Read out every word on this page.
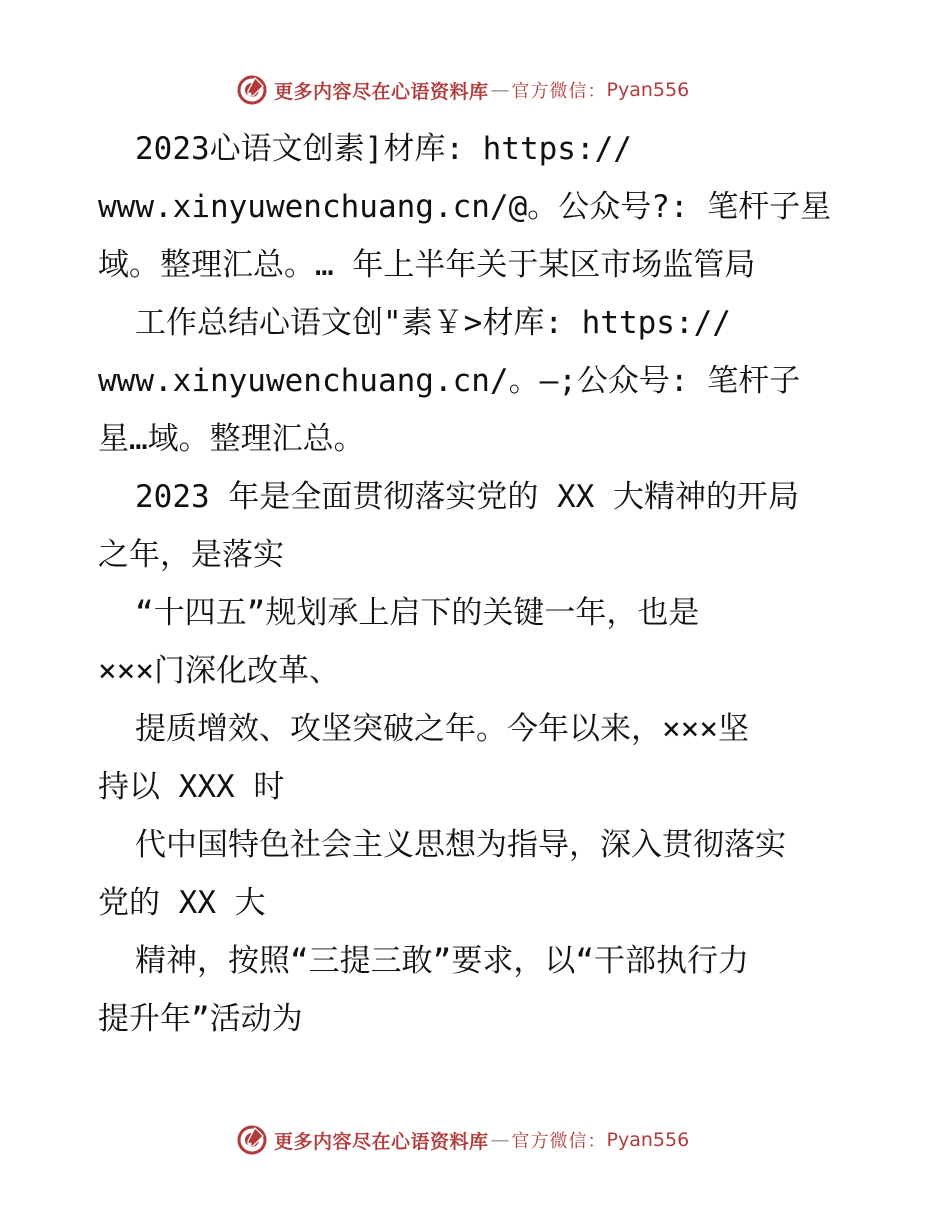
更多内容尽在心语资料库 — 官方微信： Pyan556
2023心语文创素]材库: https://
www.xinyuwenchuang.cn/@。公众号?: 笔杆子星
域。整理汇总。… 年上半年关于某区市场监管局
工作总结心语文创"素￥>材库: https://
www.xinyuwenchuang.cn/。—;公众号: 笔杆子
星…域。整理汇总。
2023 年是全面贯彻落实党的 XX 大精神的开局
之年，是落实
“十四五”规划承上启下的关键一年，也是
×××门深化改革、
提质增效、攻坚突破之年。今年以来，×××坚
持以 XXX 时
代中国特色社会主义思想为指导，深入贯彻落实
党的 XX 大
精神，按照“三提三敢”要求，以“干部执行力
提升年”活动为
更多内容尽在心语资料库 — 官方微信： Pyan556
